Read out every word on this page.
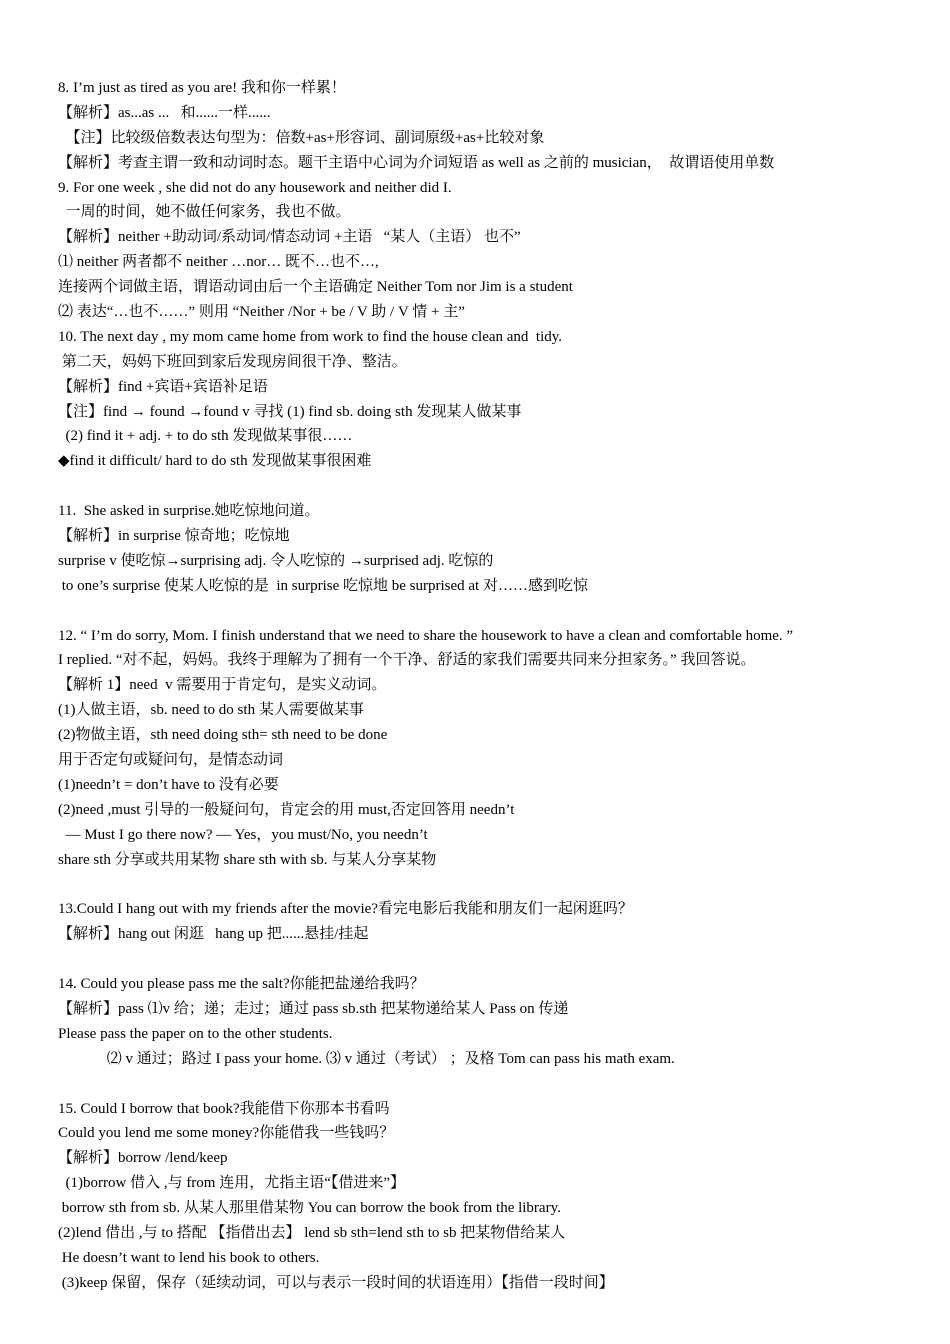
8. I’m just as tired as you are! 我和你一样累！
【解析】as...as ...   和......一样......
【注】比较级倍数表达句型为：倍数+as+形容词、副词原级+as+比较对象
【解析】考查主谓一致和动词时态。题干主语中心词为介词短语 as well as 之前的 musician，  故谓语使用单数
9. For one week , she did not do any housework and neither did I.
一周的时间，她不做任何家务，我也不做。
【解析】neither +助动词/系动词/情态动词 +主语   “某人（主语） 也不”
⑴ neither 两者都不 neither …nor… 既不…也不…,
连接两个词做主语，谓语动词由后一个主语确定 Neither Tom nor Jim is a student
⑵ 表达“…也不……” 则用 “Neither /Nor + be / V 助 / V 情 + 主”
10. The next day , my mom came home from work to find the house clean and  tidy.
第二天，妈妈下班回到家后发现房间很干净、整洁。
【解析】find +宾语+宾语补足语
【注】find → found →found v 寻找 (1) find sb. doing sth 发现某人做某事
(2) find it + adj. + to do sth 发现做某事很……
◆find it difficult/ hard to do sth 发现做某事很困难
11.  She asked in surprise.她吃惊地问道。
【解析】in surprise 惊奇地；吃惊地
surprise v 使吃惊→surprising adj. 令人吃惊的 →surprised adj. 吃惊的
to one’s surprise 使某人吃惊的是  in surprise 吃惊地 be surprised at 对……感到吃惊
12. “ I’m do sorry, Mom. I finish understand that we need to share the housework to have a clean and comfortable home. ”
I replied. “对不起，妈妈。我终于理解为了拥有一个干净、舒适的家我们需要共同来分担家务。” 我回答说。
【解析 1】need  v 需要用于肯定句，是实义动词。
(1)人做主语，sb. need to do sth 某人需要做某事
(2)物做主语，sth need doing sth= sth need to be done
用于否定句或疑问句，是情态动词
(1)needn’t = don’t have to 没有必要
(2)need ,must 引导的一般疑问句，肯定会的用 must,否定回答用 needn’t
— Must I go there now? — Yes，you must/No, you needn’t
share sth 分享或共用某物 share sth with sb. 与某人分享某物
13.Could I hang out with my friends after the movie?看完电影后我能和朋友们一起闲逛吗？
【解析】hang out 闲逛   hang up 把......悬挂/挂起
14. Could you please pass me the salt?你能把盐递给我吗？
【解析】pass ⑴v 给；递；走过；通过 pass sb.sth 把某物递给某人 Pass on 传递
Please pass the paper on to the other students.
⑵ v 通过；路过 I pass your home. ⑶ v 通过（考试） ；及格 Tom can pass his math exam.
15. Could I borrow that book?我能借下你那本书看吗
Could you lend me some money?你能借我一些钱吗？
【解析】borrow /lend/keep
(1)borrow 借入 ,与 from 连用，尤指主语“【借进来”】
borrow sth from sb. 从某人那里借某物 You can borrow the book from the library.
(2)lend 借出 ,与 to 搭配 【指借出去】 lend sb sth=lend sth to sb 把某物借给某人
He doesn’t want to lend his book to others.
(3)keep 保留，保存（延续动词，可以与表示一段时间的状语连用）【指借一段时间】
